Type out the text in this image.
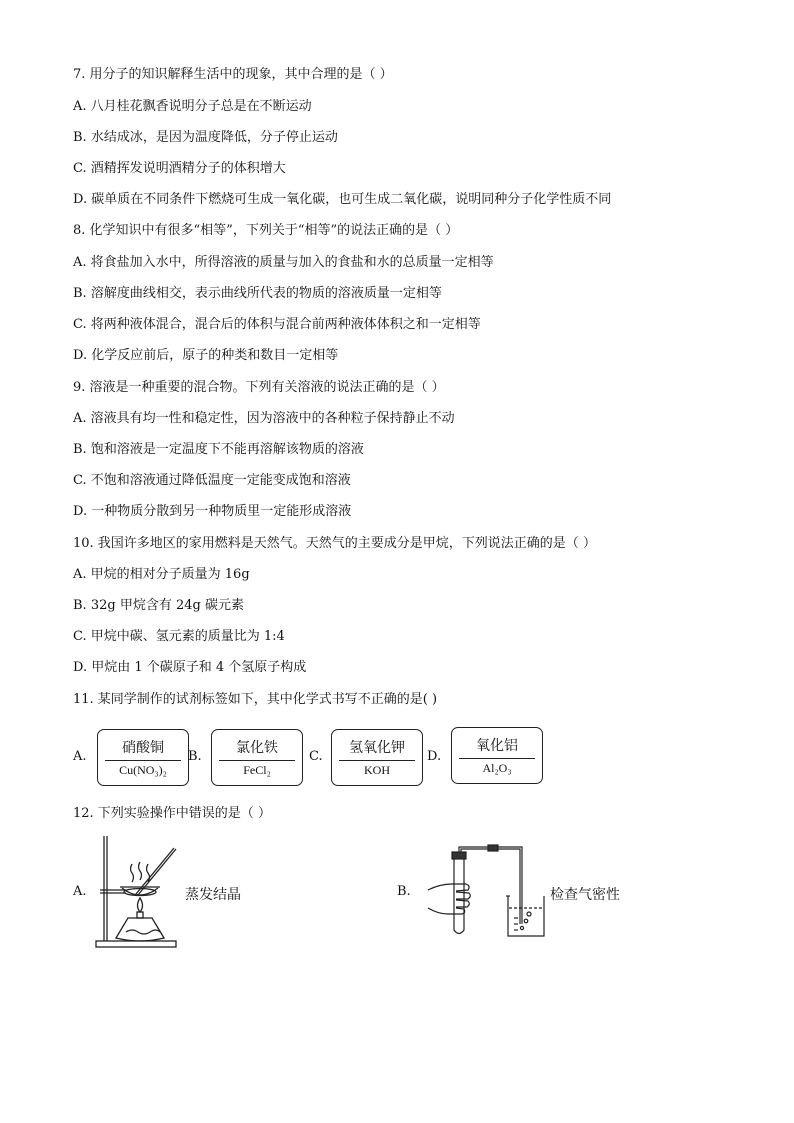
7. 用分子的知识解释生活中的现象，其中合理的是（ ）
A. 八月桂花飘香说明分子总是在不断运动
B. 水结成冰，是因为温度降低，分子停止运动
C. 酒精挥发说明酒精分子的体积增大
D. 碳单质在不同条件下燃烧可生成一氧化碳，也可生成二氧化碳，说明同种分子化学性质不同
8. 化学知识中有很多“相等”，下列关于“相等”的说法正确的是（ ）
A. 将食盐加入水中，所得溶液的质量与加入的食盐和水的总质量一定相等
B. 溶解度曲线相交，表示曲线所代表的物质的溶液质量一定相等
C. 将两种液体混合，混合后的体积与混合前两种液体体积之和一定相等
D. 化学反应前后，原子的种类和数目一定相等
9. 溶液是一种重要的混合物。下列有关溶液的说法正确的是（ ）
A. 溶液具有均一性和稳定性，因为溶液中的各种粒子保持静止不动
B. 饱和溶液是一定温度下不能再溶解该物质的溶液
C. 不饱和溶液通过降低温度一定能变成饱和溶液
D. 一种物质分散到另一种物质里一定能形成溶液
10. 我国许多地区的家用燃料是天然气。天然气的主要成分是甲烷，下列说法正确的是（ ）
A. 甲烷的相对分子质量为 16g
B. 32g 甲烷含有 24g 碳元素
C. 甲烷中碳、氢元素的质量比为 1:4
D. 甲烷由 1 个碳原子和 4 个氢原子构成
11. 某同学制作的试剂标签如下，其中化学式书写不正确的是( )
A.
硝酸铜
Cu(NO₃)₂
B.
氯化铁
FeCl₂
C.
氢氧化钾
KOH
D.
氧化铝
Al₂O₃
12. 下列实验操作中错误的是（ ）
A.	蒸发结晶	B.	检查气密性
